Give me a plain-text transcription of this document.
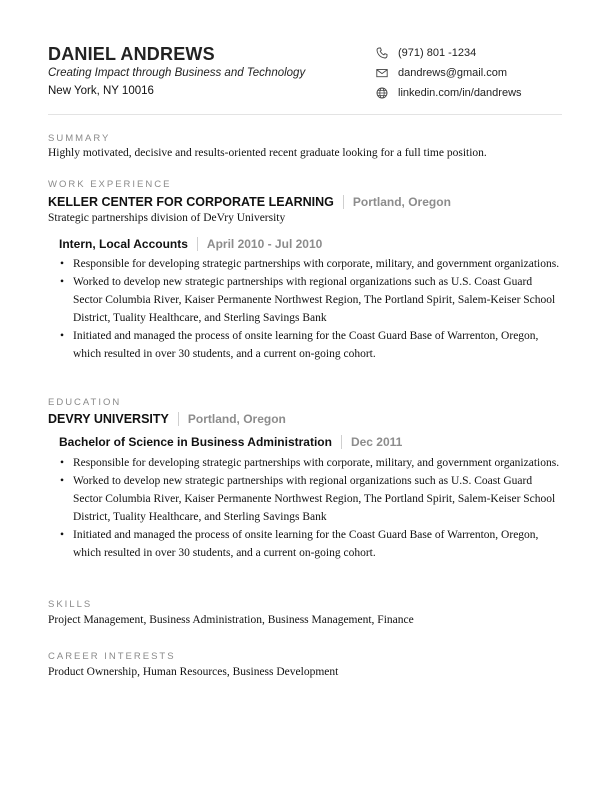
DANIEL ANDREWS
Creating Impact through Business and Technology
New York, NY 10016
(971) 801 -1234
dandrews@gmail.com
linkedin.com/in/dandrews
SUMMARY
Highly motivated, decisive and results-oriented recent graduate looking for a full time position.
WORK EXPERIENCE
KELLER CENTER FOR CORPORATE LEARNING Portland, Oregon
Strategic partnerships division of DeVry University
Intern, Local Accounts April 2010 - Jul 2010
• Responsible for developing strategic partnerships with corporate, military, and government organizations.
• Worked to develop new strategic partnerships with regional organizations such as U.S. Coast Guard Sector Columbia River, Kaiser Permanente Northwest Region, The Portland Spirit, Salem-Keiser School District, Tuality Healthcare, and Sterling Savings Bank
• Initiated and managed the process of onsite learning for the Coast Guard Base of Warrenton, Oregon, which resulted in over 30 students, and a current on-going cohort.
EDUCATION
DEVRY UNIVERSITY Portland, Oregon
Bachelor of Science in Business Administration Dec 2011
• Responsible for developing strategic partnerships with corporate, military, and government organizations.
• Worked to develop new strategic partnerships with regional organizations such as U.S. Coast Guard Sector Columbia River, Kaiser Permanente Northwest Region, The Portland Spirit, Salem-Keiser School District, Tuality Healthcare, and Sterling Savings Bank
• Initiated and managed the process of onsite learning for the Coast Guard Base of Warrenton, Oregon, which resulted in over 30 students, and a current on-going cohort.
SKILLS
Project Management, Business Administration, Business Management, Finance
CAREER INTERESTS
Product Ownership, Human Resources, Business Development
